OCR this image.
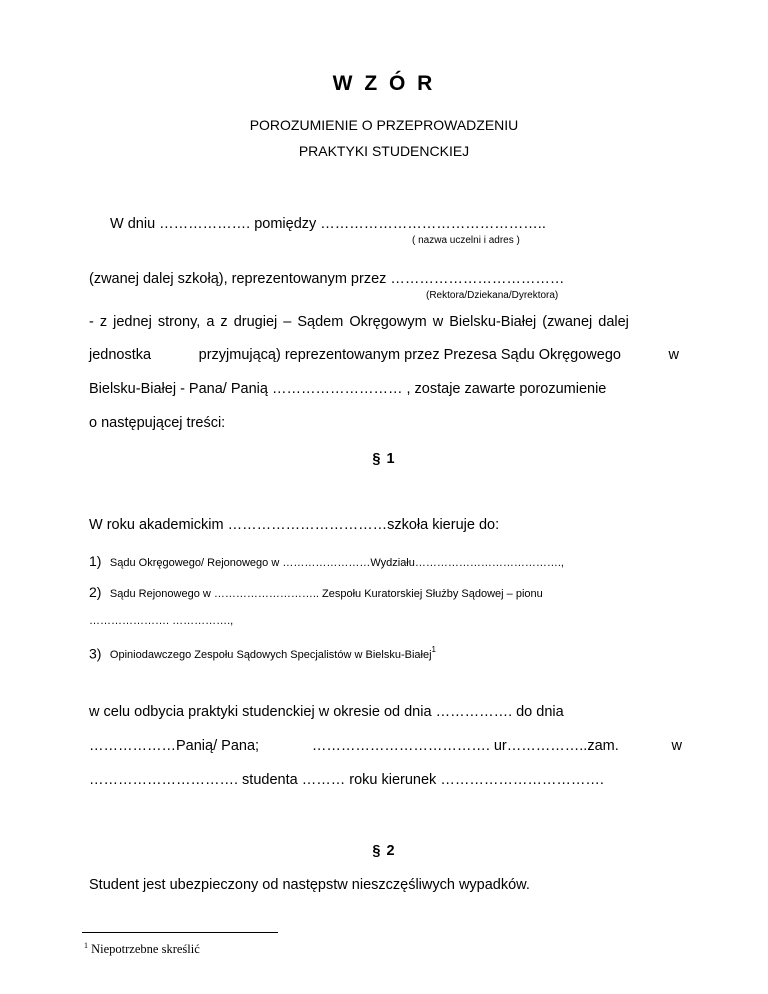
W Z Ó R
POROZUMIENIE O PRZEPROWADZENIU
PRAKTYKI STUDENCKIEJ
W dniu ………………. pomiędzy ………………………………………..
( nazwa uczelni i adres )
(zwanej dalej szkołą), reprezentowanym przez ………………………………
(Rektora/Dziekana/Dyrektora)
- z jednej strony, a z drugiej – Sądem Okręgowym w Bielsku-Białej (zwanej dalej
jednostka	przyjmującą) reprezentowanym przez Prezesa Sądu Okręgowego	w
Bielsku-Białej - Pana/ Panią ……………………… , zostaje zawarte porozumienie
o następującej treści:
§ 1
W roku akademickim ……………………………szkoła kieruje do:
1) Sądu Okręgowego/ Rejonowego w ……………………Wydziału………………………………….,
2) Sądu Rejonowego w ……………………….. Zespołu Kuratorskiej Służby Sądowej – pionu
…………………. …………….,
3) Opiniodawczego Zespołu Sądowych Specjalistów w Bielsku-Białej$^1$
w celu odbycia praktyki studenckiej w okresie od dnia ……………. do dnia
………………Panią/ Pana;	………………………………. ur……………..zam.	w
…………………………. studenta ……… roku kierunek …………………………….
§ 2
Student jest ubezpieczony od następstw nieszczęśliwych wypadków.
$^1$ Niepotrzebne skreślić
